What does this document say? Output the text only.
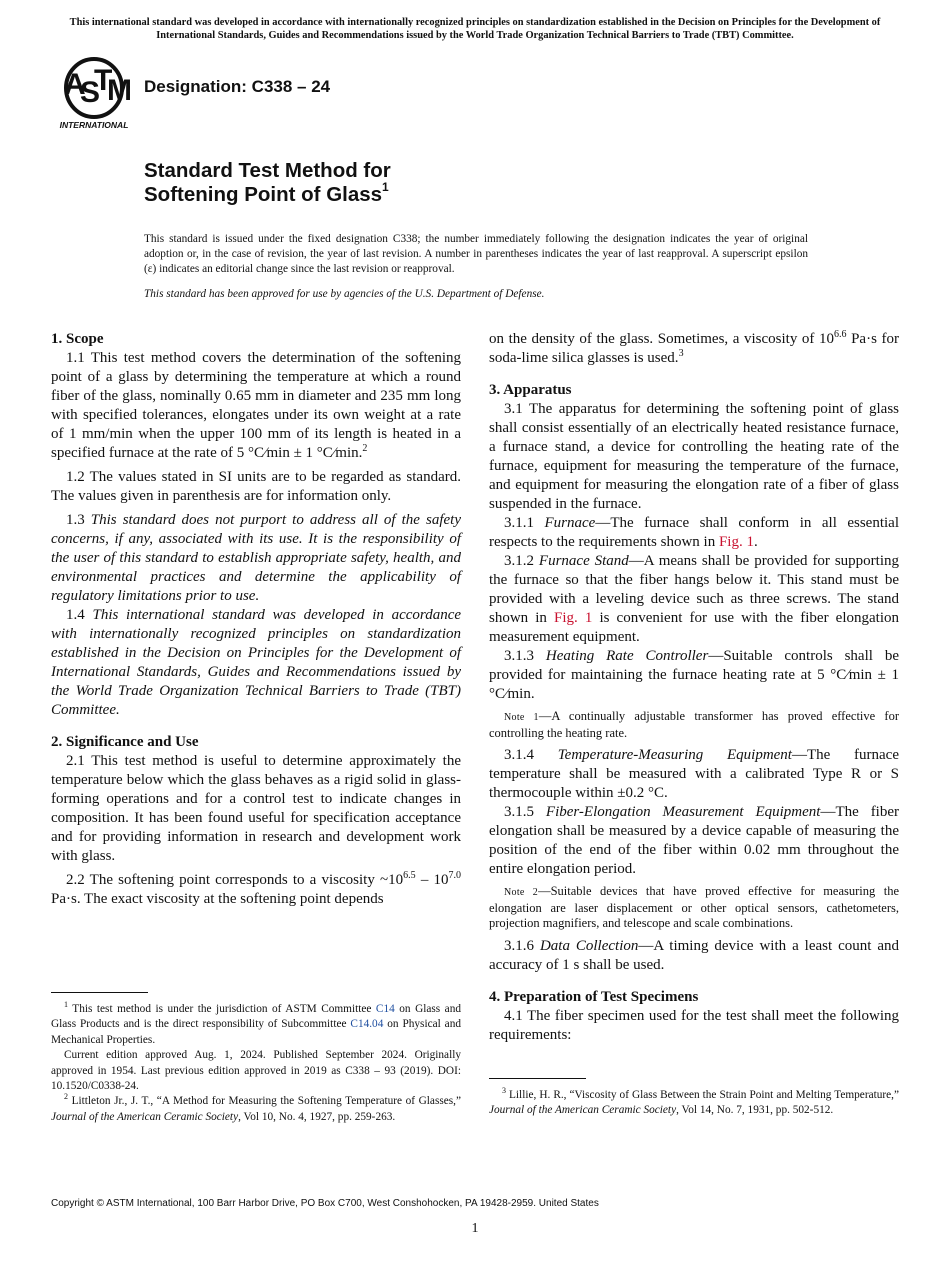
This international standard was developed in accordance with internationally recognized principles on standardization established in the Decision on Principles for the Development of International Standards, Guides and Recommendations issued by the World Trade Organization Technical Barriers to Trade (TBT) Committee.
A
S
T
M
INTERNATIONAL
Designation: C338 – 24
Standard Test Method for
Softening Point of Glass$^1$

This standard is issued under the fixed designation C338; the number immediately following the designation indicates the year of original adoption or, in the case of revision, the year of last revision. A number in parentheses indicates the year of last reapproval. A superscript epsilon (ε) indicates an editorial change since the last revision or reapproval.

This standard has been approved for use by agencies of the U.S. Department of Defense.

1. Scope

1.1 This test method covers the determination of the softening point of a glass by determining the temperature at which a round fiber of the glass, nominally 0.65 mm in diameter and 235 mm long with specified tolerances, elongates under its own weight at a rate of 1 mm/min when the upper 100 mm of its length is heated in a specified furnace at the rate of 5 °C⁄min ± 1 °C⁄min.$^2$

1.2 The values stated in SI units are to be regarded as standard. The values given in parenthesis are for information only.

1.3 This standard does not purport to address all of the safety concerns, if any, associated with its use. It is the responsibility of the user of this standard to establish appropriate safety, health, and environmental practices and determine the applicability of regulatory limitations prior to use.

1.4 This international standard was developed in accordance with internationally recognized principles on standardization established in the Decision on Principles for the Development of International Standards, Guides and Recommendations issued by the World Trade Organization Technical Barriers to Trade (TBT) Committee.

2. Significance and Use

2.1 This test method is useful to determine approximately the temperature below which the glass behaves as a rigid solid in glass-forming operations and for a control test to indicate changes in composition. It has been found useful for specification acceptance and for providing information in research and development work with glass.

2.2 The softening point corresponds to a viscosity $\sim 10^{6.5} - 10^{7.0}$ Pa·s. The exact viscosity at the softening point depends

$^1$ This test method is under the jurisdiction of ASTM Committee C14 on Glass and Glass Products and is the direct responsibility of Subcommittee C14.04 on Physical and Mechanical Properties.

Current edition approved Aug. 1, 2024. Published September 2024. Originally approved in 1954. Last previous edition approved in 2019 as C338 – 93 (2019). DOI: 10.1520/C0338-24.

$^2$ Littleton Jr., J. T., “A Method for Measuring the Softening Temperature of Glasses,” Journal of the American Ceramic Society, Vol 10, No. 4, 1927, pp. 259-263.

on the density of the glass. Sometimes, a viscosity of $10^{6.6}$ Pa·s for soda-lime silica glasses is used.$^3$

3. Apparatus

3.1 The apparatus for determining the softening point of glass shall consist essentially of an electrically heated resistance furnace, a furnace stand, a device for controlling the heating rate of the furnace, equipment for measuring the temperature of the furnace, and equipment for measuring the elongation rate of a fiber of glass suspended in the furnace.

3.1.1 Furnace—The furnace shall conform in all essential respects to the requirements shown in Fig. 1.

3.1.2 Furnace Stand—A means shall be provided for supporting the furnace so that the fiber hangs below it. This stand must be provided with a leveling device such as three screws. The stand shown in Fig. 1 is convenient for use with the fiber elongation measurement equipment.

3.1.3 Heating Rate Controller—Suitable controls shall be provided for maintaining the furnace heating rate at 5 °C⁄min ± 1 °C⁄min.

Note 1—A continually adjustable transformer has proved effective for controlling the heating rate.

3.1.4 Temperature-Measuring Equipment—The furnace temperature shall be measured with a calibrated Type R or S thermocouple within ±0.2 °C.

3.1.5 Fiber-Elongation Measurement Equipment—The fiber elongation shall be measured by a device capable of measuring the position of the end of the fiber within 0.02 mm throughout the entire elongation period.

Note 2—Suitable devices that have proved effective for measuring the elongation are laser displacement or other optical sensors, cathetometers, projection magnifiers, and telescope and scale combinations.

3.1.6 Data Collection—A timing device with a least count and accuracy of 1 s shall be used.

4. Preparation of Test Specimens

4.1 The fiber specimen used for the test shall meet the following requirements:

$^3$ Lillie, H. R., “Viscosity of Glass Between the Strain Point and Melting Temperature,” Journal of the American Ceramic Society, Vol 14, No. 7, 1931, pp. 502-512.

Copyright © ASTM International, 100 Barr Harbor Drive, PO Box C700, West Conshohocken, PA 19428-2959. United States
1
